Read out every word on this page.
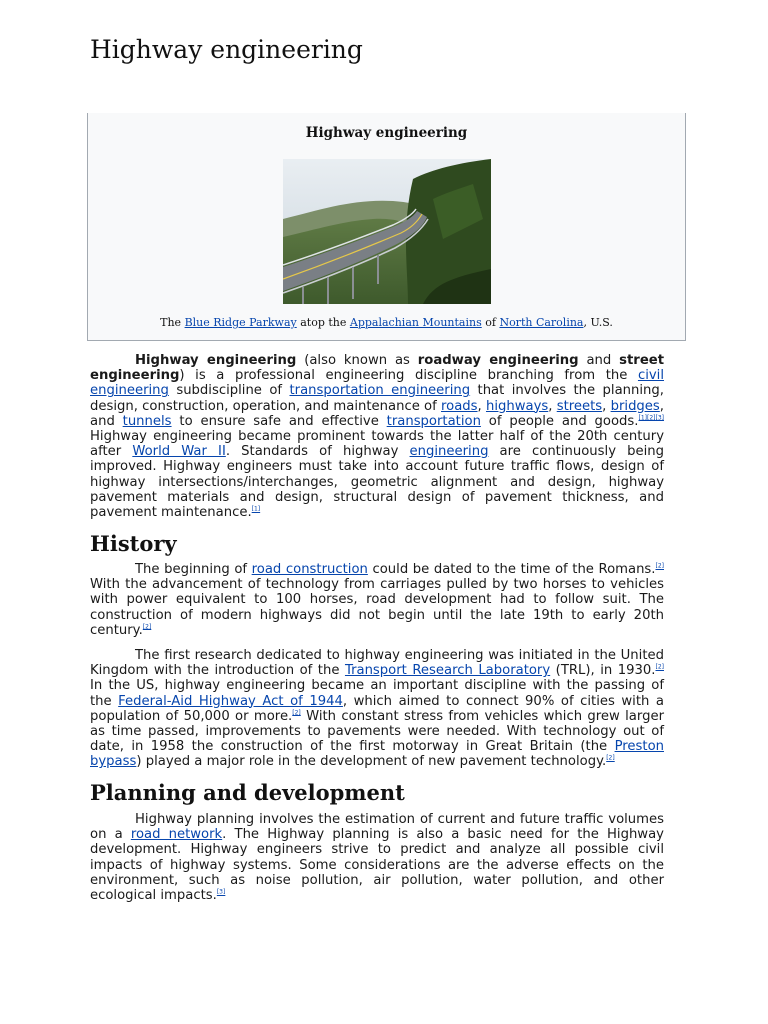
Highway engineering
Highway engineering
The Blue Ridge Parkway atop the Appalachian Mountains of North Carolina, U.S.

Highway engineering (also known as roadway engineering and street engineering) is a professional engineering discipline branching from the civil engineering subdiscipline of transportation engineering that involves the planning, design, construction, operation, and maintenance of roads, highways, streets, bridges, and tunnels to ensure safe and effective transportation of people and goods.[1][2][3] Highway engineering became prominent towards the latter half of the 20th century after World War II. Standards of highway engineering are continuously being improved. Highway engineers must take into account future traffic flows, design of highway intersections/interchanges, geometric alignment and design, highway pavement materials and design, structural design of pavement thickness, and pavement maintenance.[1]

History

The beginning of road construction could be dated to the time of the Romans.[2] With the advancement of technology from carriages pulled by two horses to vehicles with power equivalent to 100 horses, road development had to follow suit. The construction of modern highways did not begin until the late 19th to early 20th century.[2]

The first research dedicated to highway engineering was initiated in the United Kingdom with the introduction of the Transport Research Laboratory (TRL), in 1930.[2] In the US, highway engineering became an important discipline with the passing of the Federal-Aid Highway Act of 1944, which aimed to connect 90% of cities with a population of 50,000 or more.[2] With constant stress from vehicles which grew larger as time passed, improvements to pavements were needed. With technology out of date, in 1958 the construction of the first motorway in Great Britain (the Preston bypass) played a major role in the development of new pavement technology.[2]

Planning and development

Highway planning involves the estimation of current and future traffic volumes on a road network. The Highway planning is also a basic need for the Highway development. Highway engineers strive to predict and analyze all possible civil impacts of highway systems. Some considerations are the adverse effects on the environment, such as noise pollution, air pollution, water pollution, and other ecological impacts.[3]
